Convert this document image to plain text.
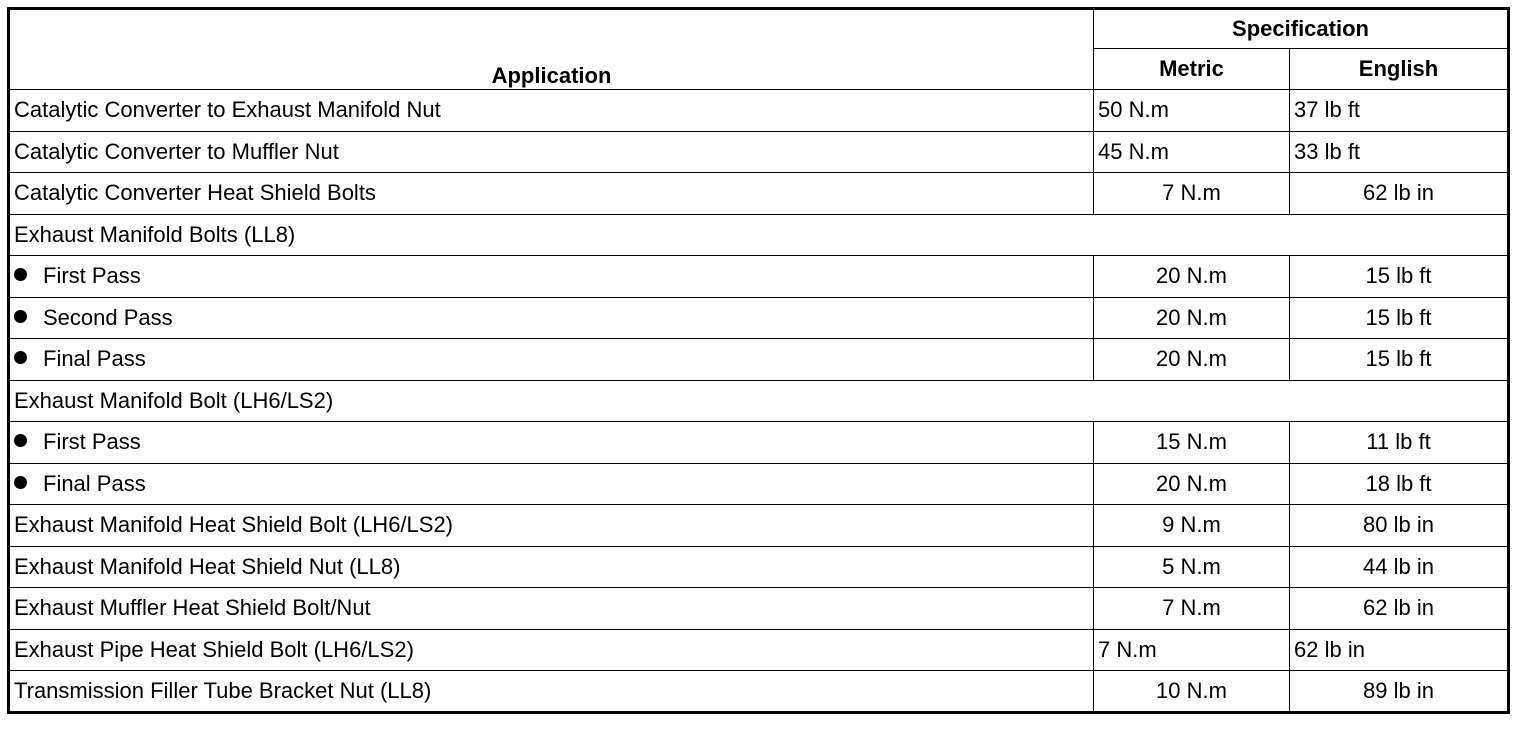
Application	Specification	
	Metric	English
Catalytic Converter to Exhaust Manifold Nut	50 N.m	37 lb ft
Catalytic Converter to Muffler Nut	45 N.m	33 lb ft
Catalytic Converter Heat Shield Bolts	7 N.m	62 lb in
Exhaust Manifold Bolts (LL8)		
First Pass	20 N.m	15 lb ft
Second Pass	20 N.m	15 lb ft
Final Pass	20 N.m	15 lb ft
Exhaust Manifold Bolt (LH6/LS2)		
First Pass	15 N.m	11 lb ft
Final Pass	20 N.m	18 lb ft
Exhaust Manifold Heat Shield Bolt (LH6/LS2)	9 N.m	80 lb in
Exhaust Manifold Heat Shield Nut (LL8)	5 N.m	44 lb in
Exhaust Muffler Heat Shield Bolt/Nut	7 N.m	62 lb in
Exhaust Pipe Heat Shield Bolt (LH6/LS2)	7 N.m	62 lb in
Transmission Filler Tube Bracket Nut (LL8)	10 N.m	89 lb in
